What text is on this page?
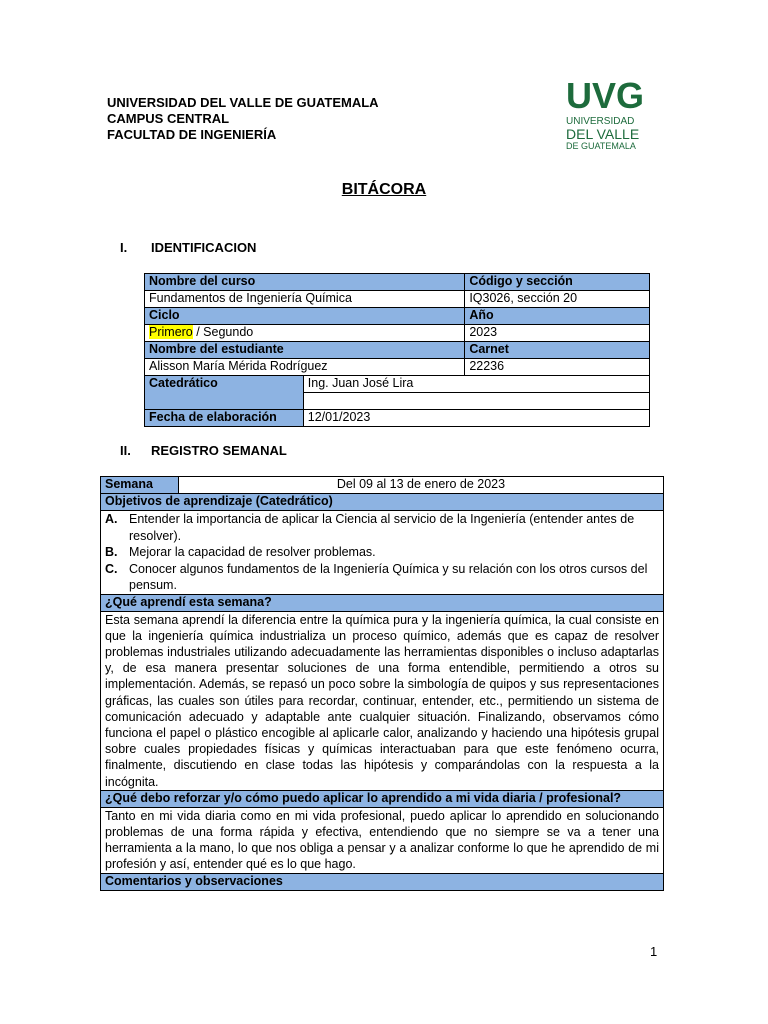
UNIVERSIDAD DEL VALLE DE GUATEMALA
CAMPUS CENTRAL
FACULTAD DE INGENIERÍA
UVG
UNIVERSIDAD
DEL VALLE
DE GUATEMALA
BITÁCORA
I. IDENTIFICACION
Nombre del curso		Código y sección
Fundamentos de Ingeniería Química		IQ3026, sección 20
Ciclo		Año
Primero / Segundo		2023
Nombre del estudiante		Carnet
Alisson María Mérida Rodríguez		22236
Catedrático	Ing. Juan José Lira	

Fecha de elaboración	12/01/2023	
II. REGISTRO SEMANAL
Semana	Del 09 al 13 de enero de 2023
Objetivos de aprendizaje (Catedrático)

A. Entender la importancia de aplicar la Ciencia al servicio de la Ingeniería (entender antes de resolver).
B. Mejorar la capacidad de resolver problemas.
C. Conocer algunos fundamentos de la Ingeniería Química y su relación con los otros cursos del pensum.

¿Qué aprendí esta semana?
Esta semana aprendí la diferencia entre la química pura y la ingeniería química, la cual consiste en que la ingeniería química industrializa un proceso químico, además que es capaz de resolver problemas industriales utilizando adecuadamente las herramientas disponibles o incluso adaptarlas y, de esa manera presentar soluciones de una forma entendible, permitiendo a otros su implementación. Además, se repasó un poco sobre la simbología de quipos y sus representaciones gráficas, las cuales son útiles para recordar, continuar, entender, etc., permitiendo un sistema de comunicación adecuado y adaptable ante cualquier situación. Finalizando, observamos cómo funciona el papel o plástico encogible al aplicarle calor, analizando y haciendo una hipótesis grupal sobre cuales propiedades físicas y químicas interactuaban para que este fenómeno ocurra, finalmente, discutiendo en clase todas las hipótesis y comparándolas con la respuesta a la incógnita.
¿Qué debo reforzar y/o cómo puedo aplicar lo aprendido a mi vida diaria / profesional?
Tanto en mi vida diaria como en mi vida profesional, puedo aplicar lo aprendido en solucionando problemas de una forma rápida y efectiva, entendiendo que no siempre se va a tener una herramienta a la mano, lo que nos obliga a pensar y a analizar conforme lo que he aprendido de mi profesión y así, entender qué es lo que hago.
Comentarios y observaciones
1
